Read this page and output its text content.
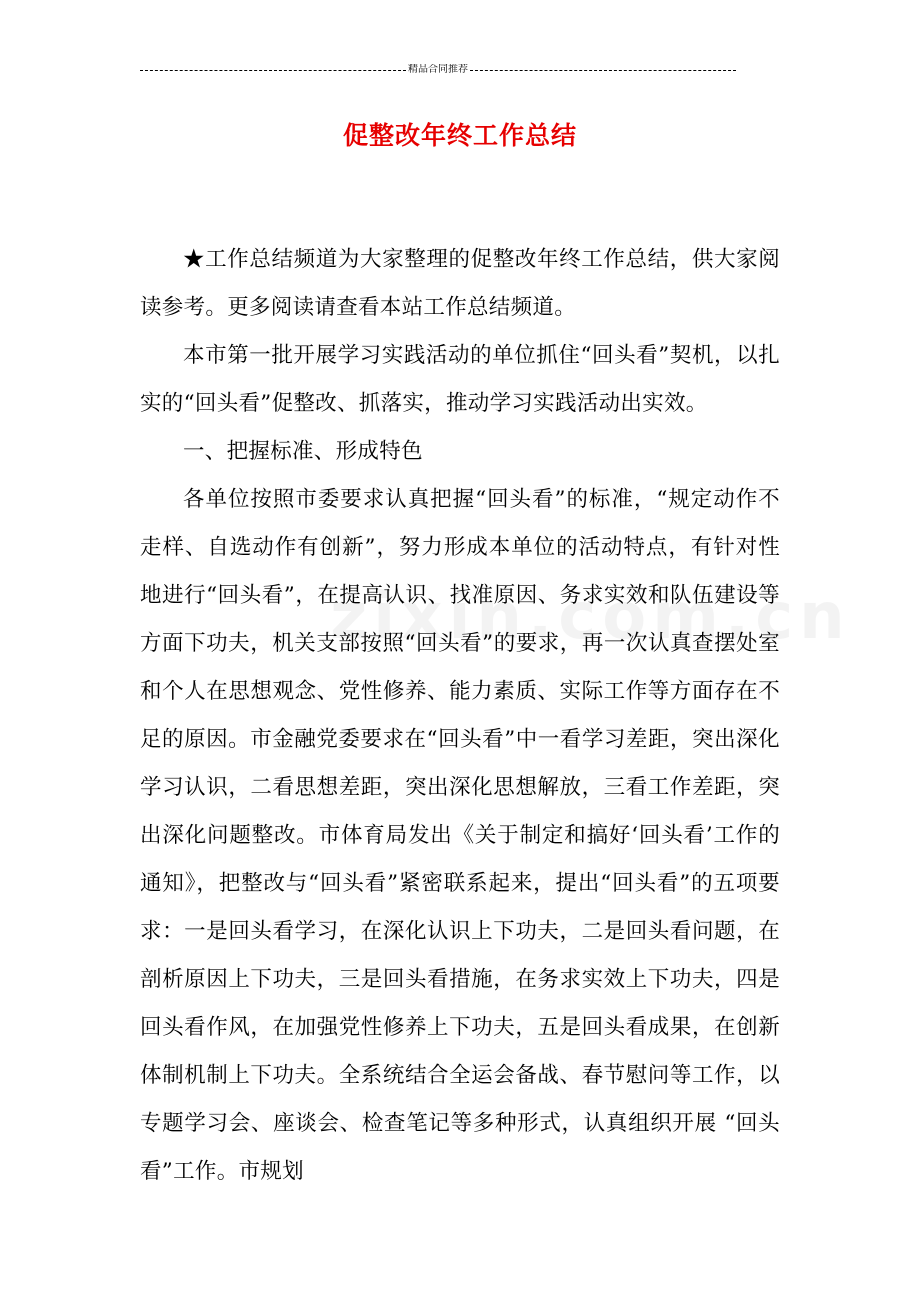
精品合同推荐
促整改年终工作总结

★工作总结频道为大家整理的促整改年终工作总结，供大家阅读参考。更多阅读请查看本站工作总结频道。

本市第一批开展学习实践活动的单位抓住“回头看”契机，以扎实的“回头看”促整改、抓落实，推动学习实践活动出实效。

一、把握标准、形成特色

各单位按照市委要求认真把握“回头看”的标准，“规定动作不走样、自选动作有创新”，努力形成本单位的活动特点，有针对性地进行“回头看”，在提高认识、找准原因、务求实效和队伍建设等方面下功夫，机关支部按照“回头看”的要求，再一次认真查摆处室和个人在思想观念、党性修养、能力素质、实际工作等方面存在不足的原因。市金融党委要求在“回头看”中一看学习差距，突出深化学习认识，二看思想差距，突出深化思想解放，三看工作差距，突出深化问题整改。市体育局发出《关于制定和搞好‘回头看’工作的通知》，把整改与“回头看”紧密联系起来，提出“回头看”的五项要求：一是回头看学习，在深化认识上下功夫，二是回头看问题，在剖析原因上下功夫，三是回头看措施，在务求实效上下功夫，四是回头看作风，在加强党性修养上下功夫，五是回头看成果，在创新体制机制上下功夫。全系统结合全运会备战、春节慰问等工作，以专题学习会、座谈会、检查笔记等多种形式，认真组织开展 “回头看”工作。市规划
